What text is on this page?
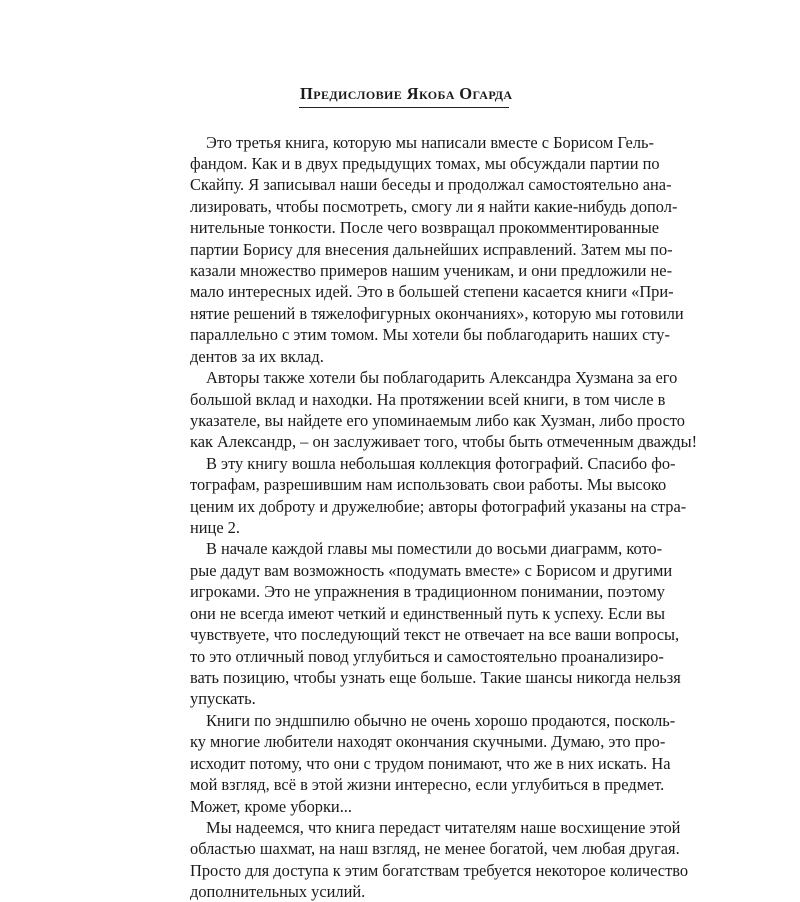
Предисловие Якоба Огарда
Это третья книга, которую мы написали вместе с Борисом Гель-
фандом. Как и в двух предыдущих томах, мы обсуждали партии по
Скайпу. Я записывал наши беседы и продолжал самостоятельно ана-
лизировать, чтобы посмотреть, смогу ли я найти какие-нибудь допол-
нительные тонкости. После чего возвращал прокомментированные
партии Борису для внесения дальнейших исправлений. Затем мы по-
казали множество примеров нашим ученикам, и они предложили не-
мало интересных идей. Это в большей степени касается книги «При-
нятие решений в тяжелофигурных окончаниях», которую мы готовили
параллельно с этим томом. Мы хотели бы поблагодарить наших сту-
дентов за их вклад.
Авторы также хотели бы поблагодарить Александра Хузмана за его
большой вклад и находки. На протяжении всей книги, в том числе в
указателе, вы найдете его упоминаемым либо как Хузман, либо просто
как Александр, – он заслуживает того, чтобы быть отмеченным дважды!
В эту книгу вошла небольшая коллекция фотографий. Спасибо фо-
тографам, разрешившим нам использовать свои работы. Мы высоко
ценим их доброту и дружелюбие; авторы фотографий указаны на стра-
нице 2.
В начале каждой главы мы поместили до восьми диаграмм, кото-
рые дадут вам возможность «подумать вместе» с Борисом и другими
игроками. Это не упражнения в традиционном понимании, поэтому
они не всегда имеют четкий и единственный путь к успеху. Если вы
чувствуете, что последующий текст не отвечает на все ваши вопросы,
то это отличный повод углубиться и самостоятельно проанализиро-
вать позицию, чтобы узнать еще больше. Такие шансы никогда нельзя
упускать.
Книги по эндшпилю обычно не очень хорошо продаются, посколь-
ку многие любители находят окончания скучными. Думаю, это про-
исходит потому, что они с трудом понимают, что же в них искать. На
мой взгляд, всё в этой жизни интересно, если углубиться в предмет.
Может, кроме уборки...
Мы надеемся, что книга передаст читателям наше восхищение этой
областью шахмат, на наш взгляд, не менее богатой, чем любая другая.
Просто для доступа к этим богатствам требуется некоторое количество
дополнительных усилий.
